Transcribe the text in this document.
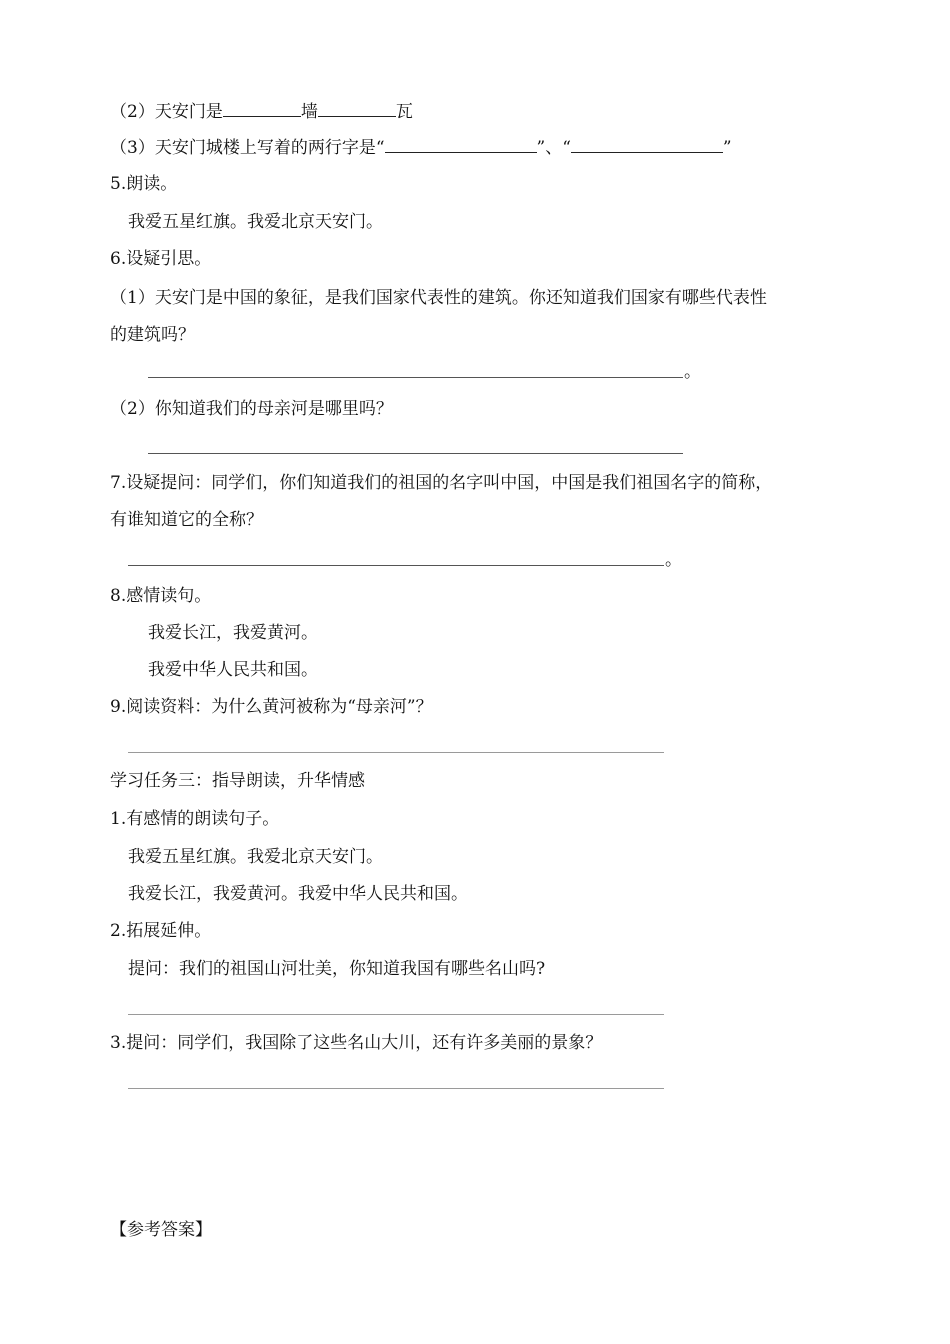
（2）天安门是	墙	瓦
（3）天安门城楼上写着的两行字是“	”、“	”
5.朗读。
我爱五星红旗。我爱北京天安门。
6.设疑引思。
（1）天安门是中国的象征，是我们国家代表性的建筑。你还知道我们国家有哪些代表性
的建筑吗？
。
（2）你知道我们的母亲河是哪里吗？
7.设疑提问：同学们，你们知道我们的祖国的名字叫中国，中国是我们祖国名字的简称，
有谁知道它的全称？
。
8.感情读句。
我爱长江，我爱黄河。
我爱中华人民共和国。
9.阅读资料：为什么黄河被称为“母亲河”？
学习任务三：指导朗读，升华情感
1.有感情的朗读句子。
我爱五星红旗。我爱北京天安门。
我爱长江，我爱黄河。我爱中华人民共和国。
2.拓展延伸。
提问：我们的祖国山河壮美，你知道我国有哪些名山吗?
3.提问：同学们，我国除了这些名山大川，还有许多美丽的景象？
【参考答案】
